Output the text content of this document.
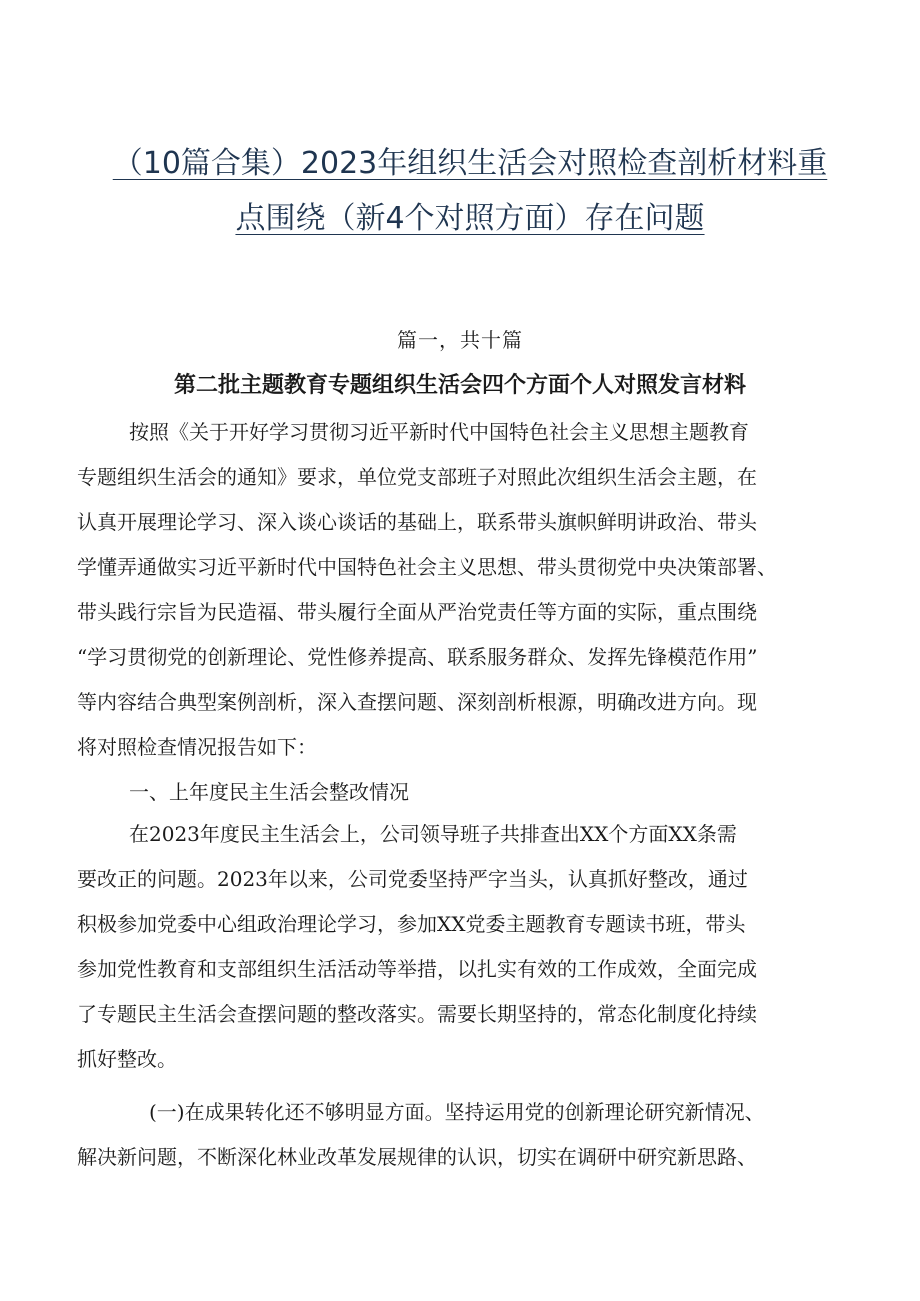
（10篇合集）2023年组织生活会对照检查剖析材料重
点围绕（新4个对照方面）存在问题
篇一，共十篇
第二批主题教育专题组织生活会四个方面个人对照发言材料
按照《关于开好学习贯彻习近平新时代中国特色社会主义思想主题教育
专题组织生活会的通知》要求，单位党支部班子对照此次组织生活会主题，在
认真开展理论学习、深入谈心谈话的基础上，联系带头旗帜鲜明讲政治、带头
学懂弄通做实习近平新时代中国特色社会主义思想、带头贯彻党中央决策部署、
带头践行宗旨为民造福、带头履行全面从严治党责任等方面的实际，重点围绕
“学习贯彻党的创新理论、党性修养提高、联系服务群众、发挥先锋模范作用”
等内容结合典型案例剖析，深入查摆问题、深刻剖析根源，明确改进方向。现
将对照检查情况报告如下：
一、上年度民主生活会整改情况
在2023年度民主生活会上，公司领导班子共排查出XX个方面XX条需
要改正的问题。2023年以来，公司党委坚持严字当头，认真抓好整改，通过
积极参加党委中心组政治理论学习，参加XX党委主题教育专题读书班，带头
参加党性教育和支部组织生活活动等举措，以扎实有效的工作成效，全面完成
了专题民主生活会查摆问题的整改落实。需要长期坚持的，常态化制度化持续
抓好整改。
(一)在成果转化还不够明显方面。坚持运用党的创新理论研究新情况、
解决新问题，不断深化林业改革发展规律的认识，切实在调研中研究新思路、
